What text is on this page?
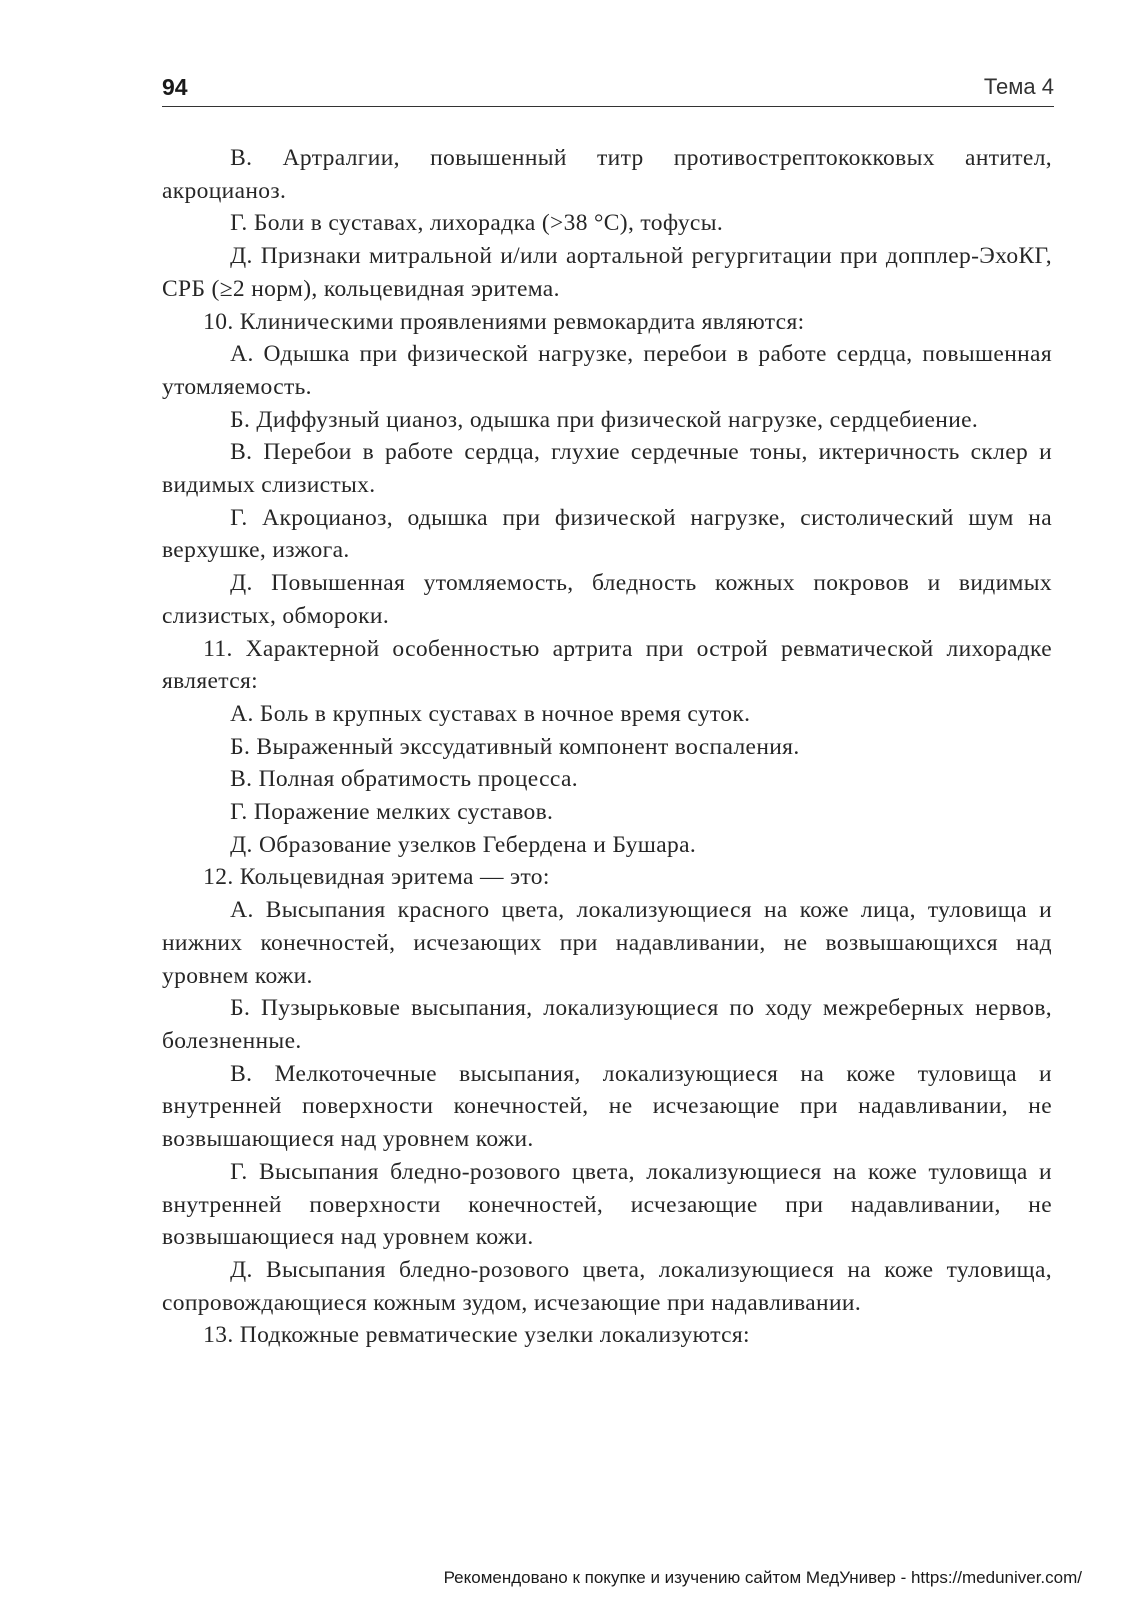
94	Тема 4

В. Артралгии, повышенный титр противострептококковых антител, акроцианоз.

Г. Боли в суставах, лихорадка (>38 °С), тофусы.

Д. Признаки митральной и/или аортальной регургитации при допплер-ЭхоКГ, СРБ (≥2 норм), кольцевидная эритема.

10. Клиническими проявлениями ревмокардита являются:

А. Одышка при физической нагрузке, перебои в работе сердца, повышенная утомляемость.

Б. Диффузный цианоз, одышка при физической нагрузке, сердцебиение.

В. Перебои в работе сердца, глухие сердечные тоны, иктеричность склер и видимых слизистых.

Г. Акроцианоз, одышка при физической нагрузке, систолический шум на верхушке, изжога.

Д. Повышенная утомляемость, бледность кожных покровов и видимых слизистых, обмороки.

11. Характерной особенностью артрита при острой ревматической лихорадке является:

А. Боль в крупных суставах в ночное время суток.

Б. Выраженный экссудативный компонент воспаления.

В. Полная обратимость процесса.

Г. Поражение мелких суставов.

Д. Образование узелков Гебердена и Бушара.

12. Кольцевидная эритема — это:

А. Высыпания красного цвета, локализующиеся на коже лица, туловища и нижних конечностей, исчезающих при надавливании, не возвышающихся над уровнем кожи.

Б. Пузырьковые высыпания, локализующиеся по ходу межреберных нервов, болезненные.

В. Мелкоточечные высыпания, локализующиеся на коже туловища и внутренней поверхности конечностей, не исчезающие при надавливании, не возвышающиеся над уровнем кожи.

Г. Высыпания бледно-розового цвета, локализующиеся на коже туловища и внутренней поверхности конечностей, исчезающие при надавливании, не возвышающиеся над уровнем кожи.

Д. Высыпания бледно-розового цвета, локализующиеся на коже туловища, сопровождающиеся кожным зудом, исчезающие при надавливании.

13. Подкожные ревматические узелки локализуются:

Рекомендовано к покупке и изучению сайтом МедУнивер - https://meduniver.com/
